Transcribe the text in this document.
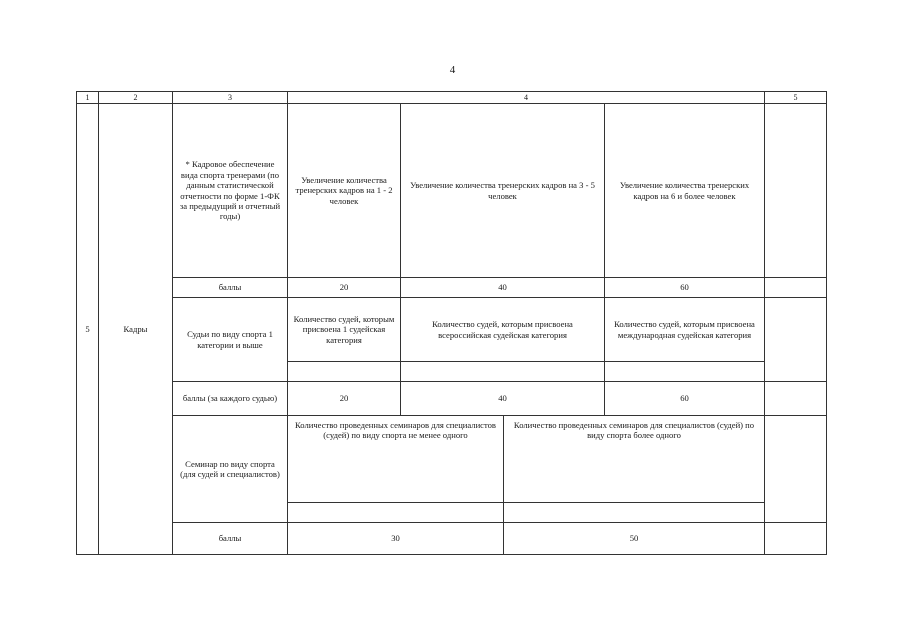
4
1	2	3	4				5
5	Кадры	* Кадровое обеспечение вида спорта тренерами (по данным статистической отчетности по форме 1-ФК за предыдущий и отчетный годы)	Увеличение количества тренерских кадров на 1 - 2 человек	Увеличение количества тренерских кадров на 3 - 5 человек		Увеличение количества тренерских кадров на 6 и более человек	
		баллы	20	40		60	
		Судьи по виду спорта 1 категории и выше	Количество судей, которым присвоена 1 судейская категория	Количество судей, которым присвоена всероссийская судейская категория		Количество судей, которым присвоена международная судейская категория	

		баллы (за каждого судью)	20	40		60	
		Семинар по виду спорта (для судей и специалистов)	Количество проведенных семинаров для специалистов (судей) по виду спорта не менее одного		Количество проведенных семинаров для специалистов (судей) по виду спорта более одного		

		баллы	30		50		
